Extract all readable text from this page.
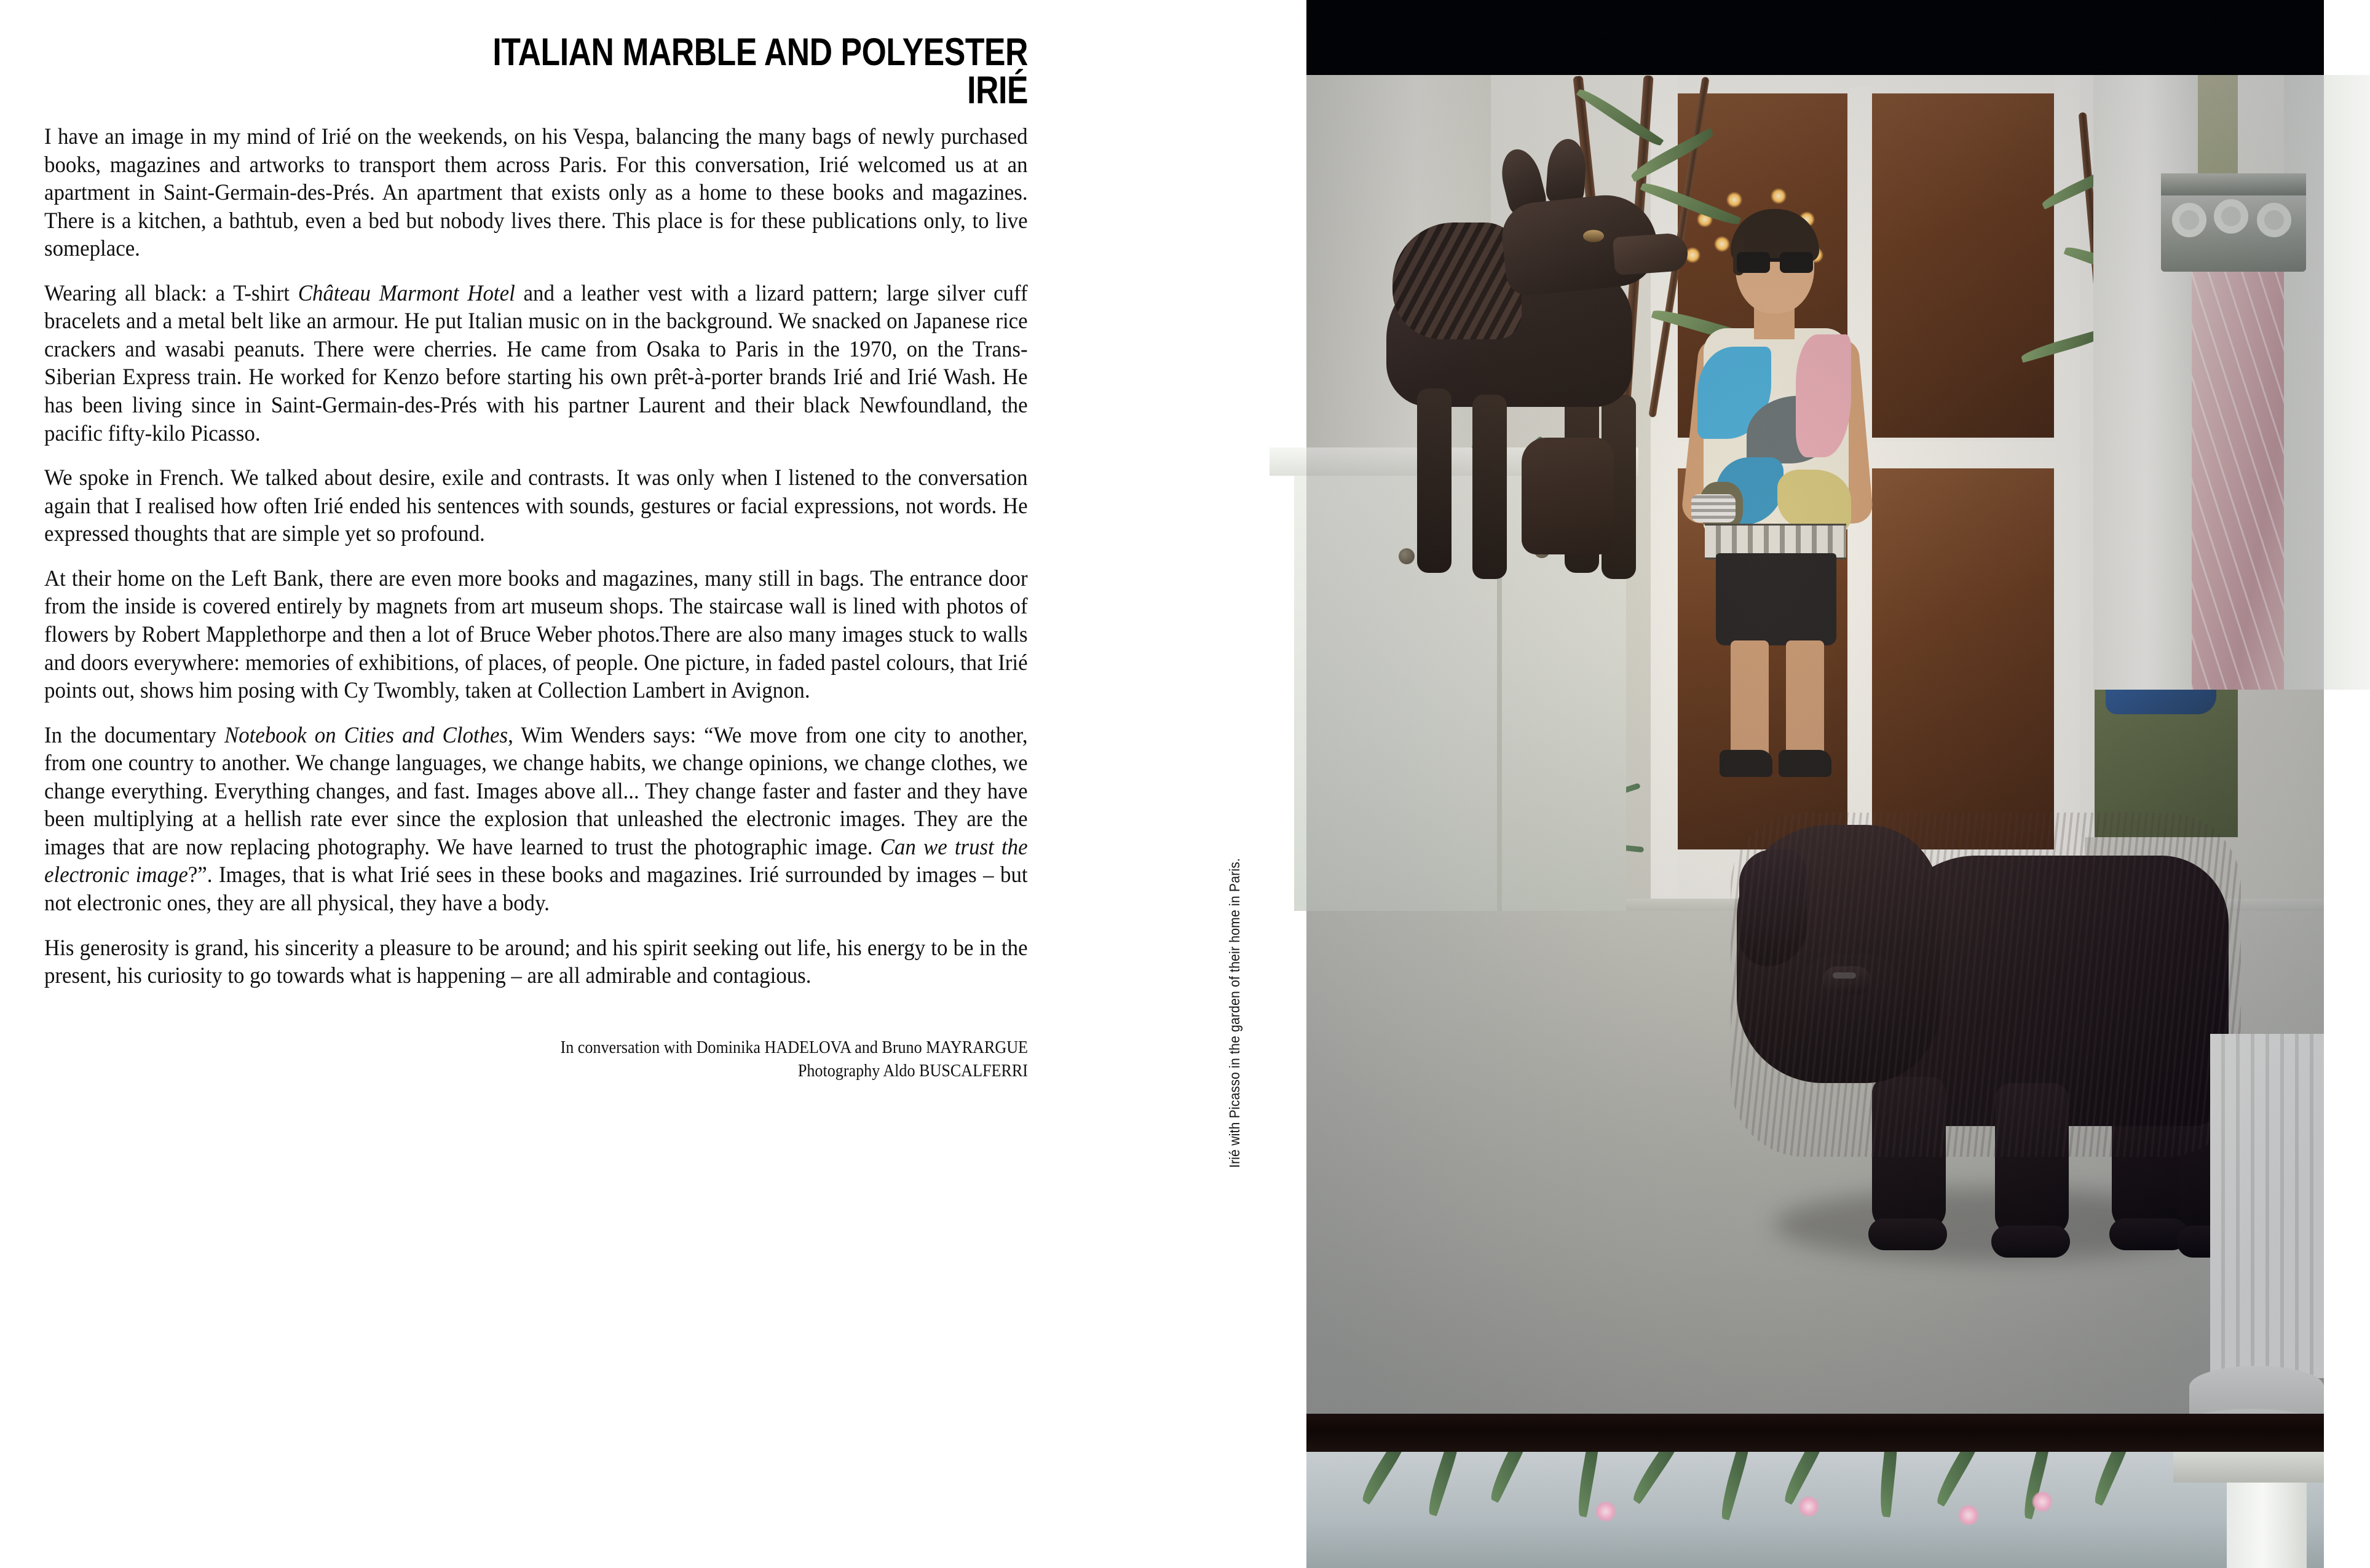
ITALIAN MARBLE AND POLYESTER
IRIÉ

I have an image in my mind of Irié on the weekends, on his Vespa, balancing the many bags of newly purchased books, magazines and artworks to transport them across Paris. For this conversation, Irié welcomed us at an apartment in Saint-Germain-des-Prés. An apartment that exists only as a home to these books and magazines. There is a kitchen, a bathtub, even a bed but nobody lives there. This place is for these publications only, to live someplace.

Wearing all black: a T-shirt Château Marmont Hotel and a leather vest with a lizard pattern; large silver cuff bracelets and a metal belt like an armour. He put Italian music on in the background. We snacked on Japanese rice crackers and wasabi peanuts. There were cherries. He came from Osaka to Paris in the 1970, on the Trans-Siberian Express train. He worked for Kenzo before starting his own prêt-à-porter brands Irié and Irié Wash. He has been living since in Saint-Germain-des-Prés with his partner Laurent and their black Newfoundland, the pacific fifty-kilo Picasso.

We spoke in French. We talked about desire, exile and contrasts. It was only when I listened to the conversation again that I realised how often Irié ended his sentences with sounds, gestures or facial expressions, not words. He expressed thoughts that are simple yet so profound.

At their home on the Left Bank, there are even more books and magazines, many still in bags. The entrance door from the inside is covered entirely by magnets from art museum shops. The staircase wall is lined with photos of flowers by Robert Mapplethorpe and then a lot of Bruce Weber photos.There are also many images stuck to walls and doors everywhere: memories of exhibitions, of places, of people. One picture, in faded pastel colours, that Irié points out, shows him posing with Cy Twombly, taken at Collection Lambert in Avignon.

In the documentary Notebook on Cities and Clothes, Wim Wenders says: “We move from one city to another, from one country to another. We change languages, we change habits, we change opinions, we change clothes, we change everything. Everything changes, and fast. Images above all... They change faster and faster and they have been multiplying at a hellish rate ever since the explosion that unleashed the electronic images. They are the images that are now replacing photography. We have learned to trust the photographic image. Can we trust the electronic image?”. Images, that is what Irié sees in these books and magazines. Irié surrounded by images – but not electronic ones, they are all physical, they have a body.

His generosity is grand, his sincerity a pleasure to be around; and his spirit seeking out life, his energy to be in the present, his curiosity to go towards what is happening – are all admirable and contagious.

In conversation with Dominika HADELOVA and Bruno MAYRARGUE
Photography Aldo BUSCALFERRI	Irié with Picasso in the garden of their home in Paris.
